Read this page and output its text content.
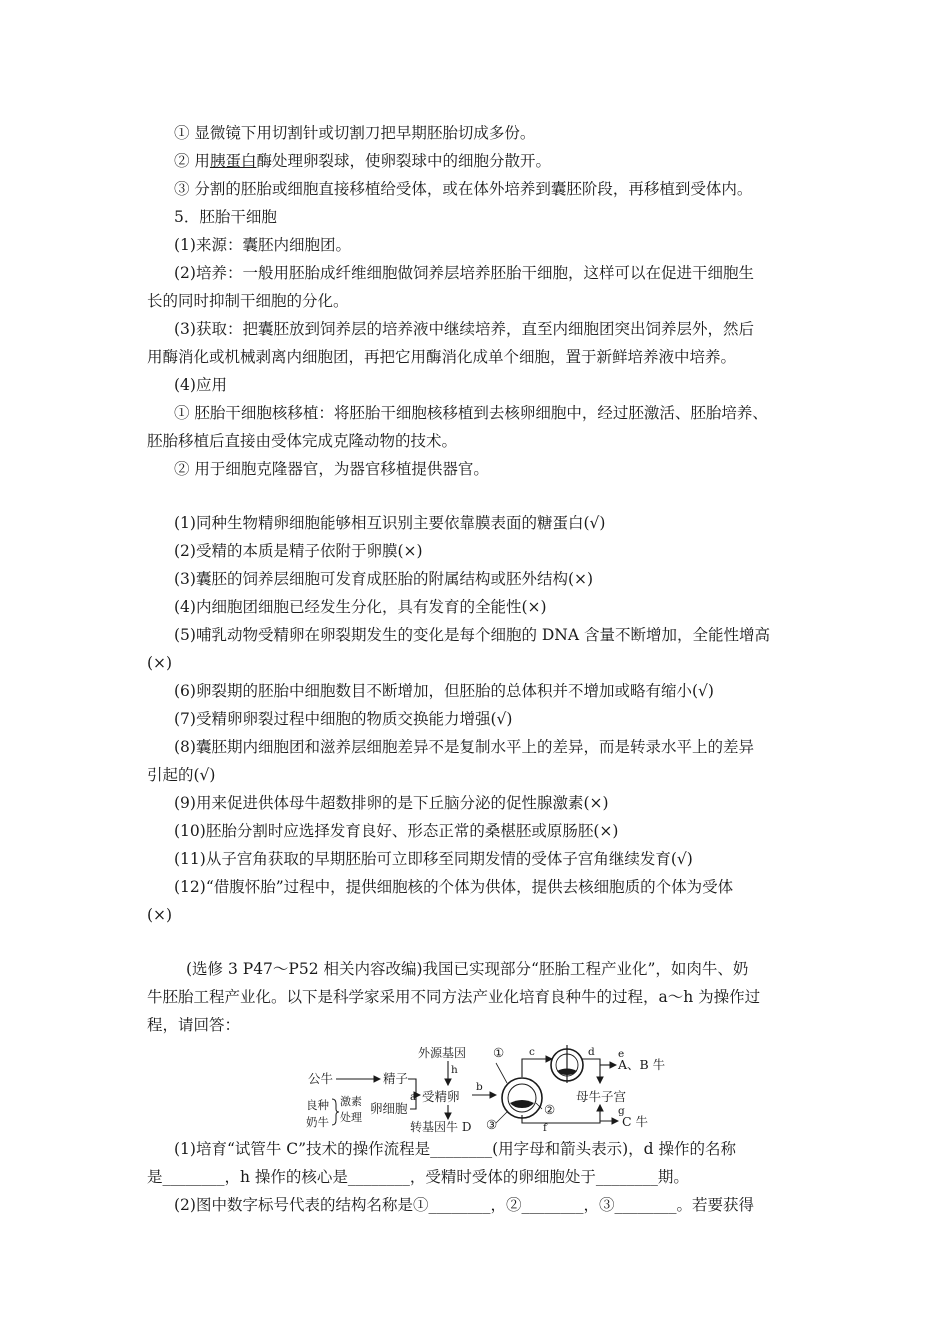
① 显微镜下用切割针或切割刀把早期胚胎切成多份。
② 用胰蛋白酶处理卵裂球，使卵裂球中的细胞分散开。
③ 分割的胚胎或细胞直接移植给受体，或在体外培养到囊胚阶段，再移植到受体内。
5．胚胎干细胞
(1)来源：囊胚内细胞团。
(2)培养：一般用胚胎成纤维细胞做饲养层培养胚胎干细胞，这样可以在促进干细胞生
长的同时抑制干细胞的分化。
(3)获取：把囊胚放到饲养层的培养液中继续培养，直至内细胞团突出饲养层外，然后
用酶消化或机械剥离内细胞团，再把它用酶消化成单个细胞，置于新鲜培养液中培养。
(4)应用
① 胚胎干细胞核移植：将胚胎干细胞核移植到去核卵细胞中，经过胚激活、胚胎培养、
胚胎移植后直接由受体完成克隆动物的技术。
② 用于细胞克隆器官，为器官移植提供器官。
(1)同种生物精卵细胞能够相互识别主要依靠膜表面的糖蛋白(√)
(2)受精的本质是精子依附于卵膜(×)
(3)囊胚的饲养层细胞可发育成胚胎的附属结构或胚外结构(×)
(4)内细胞团细胞已经发生分化，具有发育的全能性(×)
(5)哺乳动物受精卵在卵裂期发生的变化是每个细胞的 DNA 含量不断增加，全能性增高
(×)
(6)卵裂期的胚胎中细胞数目不断增加，但胚胎的总体积并不增加或略有缩小(√)
(7)受精卵卵裂过程中细胞的物质交换能力增强(√)
(8)囊胚期内细胞团和滋养层细胞差异不是复制水平上的差异，而是转录水平上的差异
引起的(√)
(9)用来促进供体母牛超数排卵的是下丘脑分泌的促性腺激素(×)
(10)胚胎分割时应选择发育良好、形态正常的桑椹胚或原肠胚(×)
(11)从子宫角获取的早期胚胎可立即移至同期发情的受体子宫角继续发育(√)
(12)“借腹怀胎”过程中，提供细胞核的个体为供体，提供去核细胞质的个体为受体
(×)
(选修 3 P47～P52 相关内容改编)我国已实现部分“胚胎工程产业化”，如肉牛、奶
牛胚胎工程产业化。以下是科学家采用不同方法产业化培育良种牛的过程，a～h 为操作过
程，请回答：
公牛	精子
良种
奶牛
激素
处理
卵细胞
受精卵
外源基因
转基因牛 D
母牛子宫
A、B 牛
C 牛
a
b
c	d e
f
g
h
①
②
③
(1)培育“试管牛 C”技术的操作流程是________(用字母和箭头表示)，d 操作的名称
是________，h 操作的核心是________，受精时受体的卵细胞处于________期。
(2)图中数字标号代表的结构名称是①________，②________，③________。若要获得
